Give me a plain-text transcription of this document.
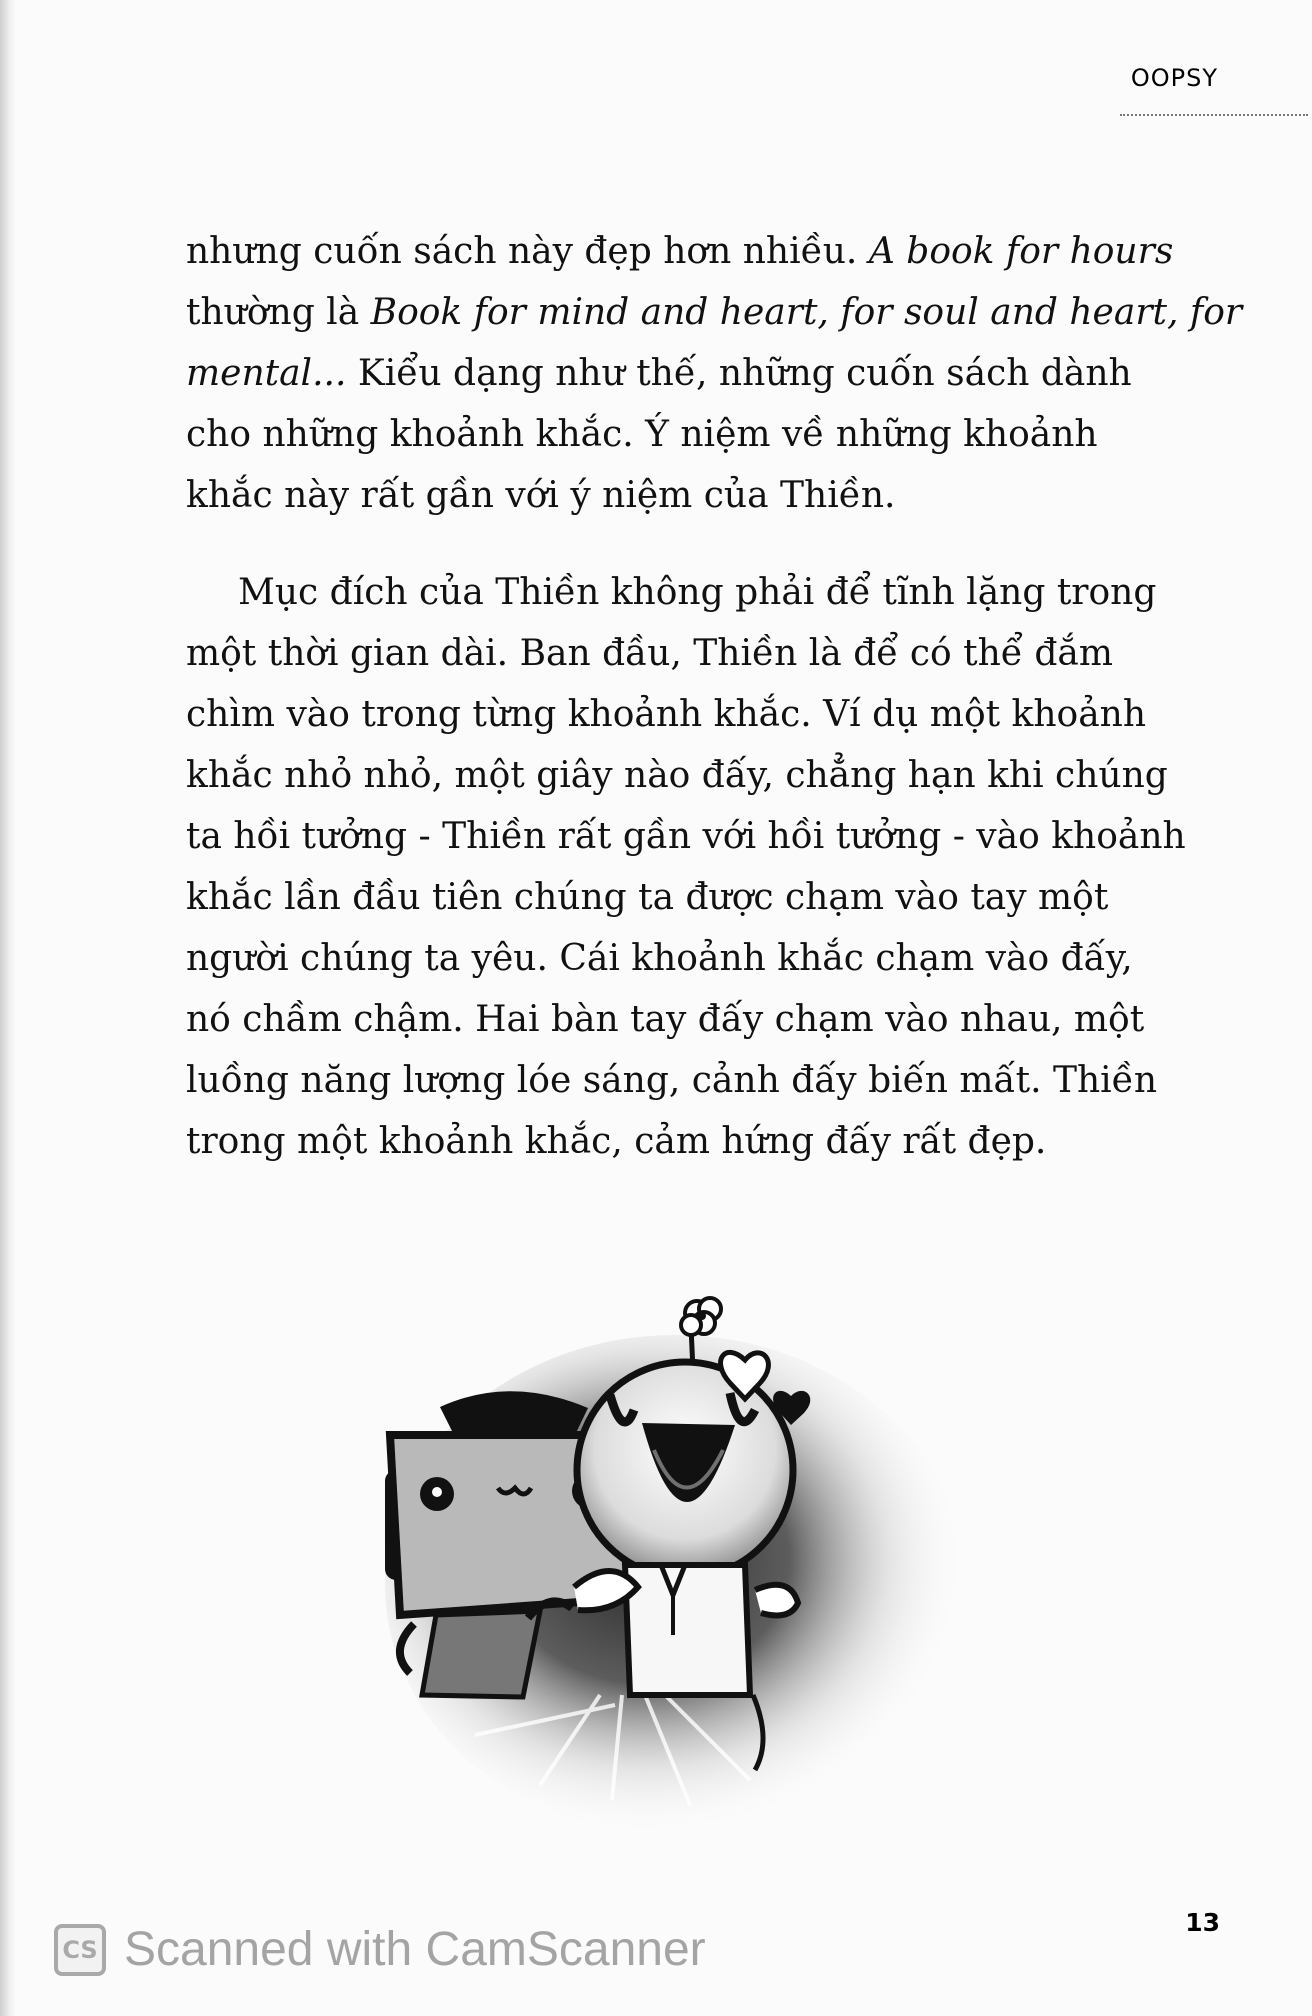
OOPSY

nhưng cuốn sách này đẹp hơn nhiều. A book for hours
thường là Book for mind and heart, for soul and heart, for
mental... Kiểu dạng như thế, những cuốn sách dành
cho những khoảnh khắc. Ý niệm về những khoảnh
khắc này rất gần với ý niệm của Thiền.

Mục đích của Thiền không phải để tĩnh lặng trong
một thời gian dài. Ban đầu, Thiền là để có thể đắm
chìm vào trong từng khoảnh khắc. Ví dụ một khoảnh
khắc nhỏ nhỏ, một giây nào đấy, chẳng hạn khi chúng
ta hồi tưởng - Thiền rất gần với hồi tưởng - vào khoảnh
khắc lần đầu tiên chúng ta được chạm vào tay một
người chúng ta yêu. Cái khoảnh khắc chạm vào đấy,
nó chầm chậm. Hai bàn tay đấy chạm vào nhau, một
luồng năng lượng lóe sáng, cảnh đấy biến mất. Thiền
trong một khoảnh khắc, cảm hứng đấy rất đẹp.

13
CS Scanned with CamScanner
